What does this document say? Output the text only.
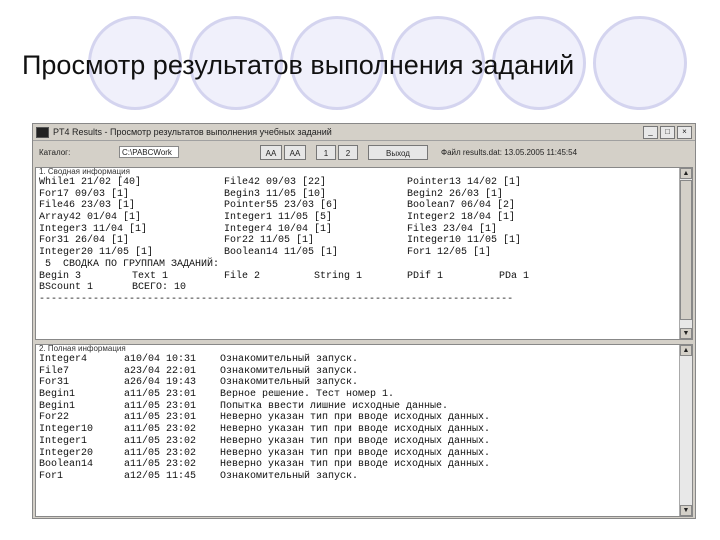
Просмотр результатов выполнения заданий
PT4 Results - Просмотр результатов выполнения учебных заданий	_	□	×
Каталог:	C:\PABCWork	AA	AA	1	2	Выход	Файл results.dat: 13.05.2005 11:45:54
1. Сводная информация
While1 21/02 [40]	File42 09/03 [22]	Pointer13 14/02 [1]
For17 09/03 [1]	Begin3 11/05 [10]	Begin2 26/03 [1]
File46 23/03 [1]	Pointer55 23/03 [6]	Boolean7 06/04 [2]
Array42 01/04 [1]	Integer1 11/05 [5]	Integer2 18/04 [1]
Integer3 11/04 [1]	Integer4 10/04 [1]	File3 23/04 [1]
For31 26/04 [1]	For22 11/05 [1]	Integer10 11/05 [1]
Integer20 11/05 [1]	Boolean14 11/05 [1]	For1 12/05 [1]
5  СВОДКА ПО ГРУППАМ ЗАДАНИЙ:
Begin 3	Text 1	File 2	String 1	PDif 1	PDa 1
BScount 1	ВСЕГО: 10
-------------------------------------------------------------------------------
▲
▼
2. Полная информация
Integer4	a10/04 10:31 Ознакомительный запуск.
File7	a23/04 22:01 Ознакомительный запуск.
For31	a26/04 19:43 Ознакомительный запуск.
Begin1	a11/05 23:01 Верное решение. Тест номер 1.
Begin1	a11/05 23:01 Попытка ввести лишние исходные данные.
For22	a11/05 23:01 Неверно указан тип при вводе исходных данных.
Integer10	a11/05 23:02 Неверно указан тип при вводе исходных данных.
Integer1	a11/05 23:02 Неверно указан тип при вводе исходных данных.
Integer20	a11/05 23:02 Неверно указан тип при вводе исходных данных.
Boolean14	a11/05 23:02 Неверно указан тип при вводе исходных данных.
For1	a12/05 11:45 Ознакомительный запуск.
▲
▼
